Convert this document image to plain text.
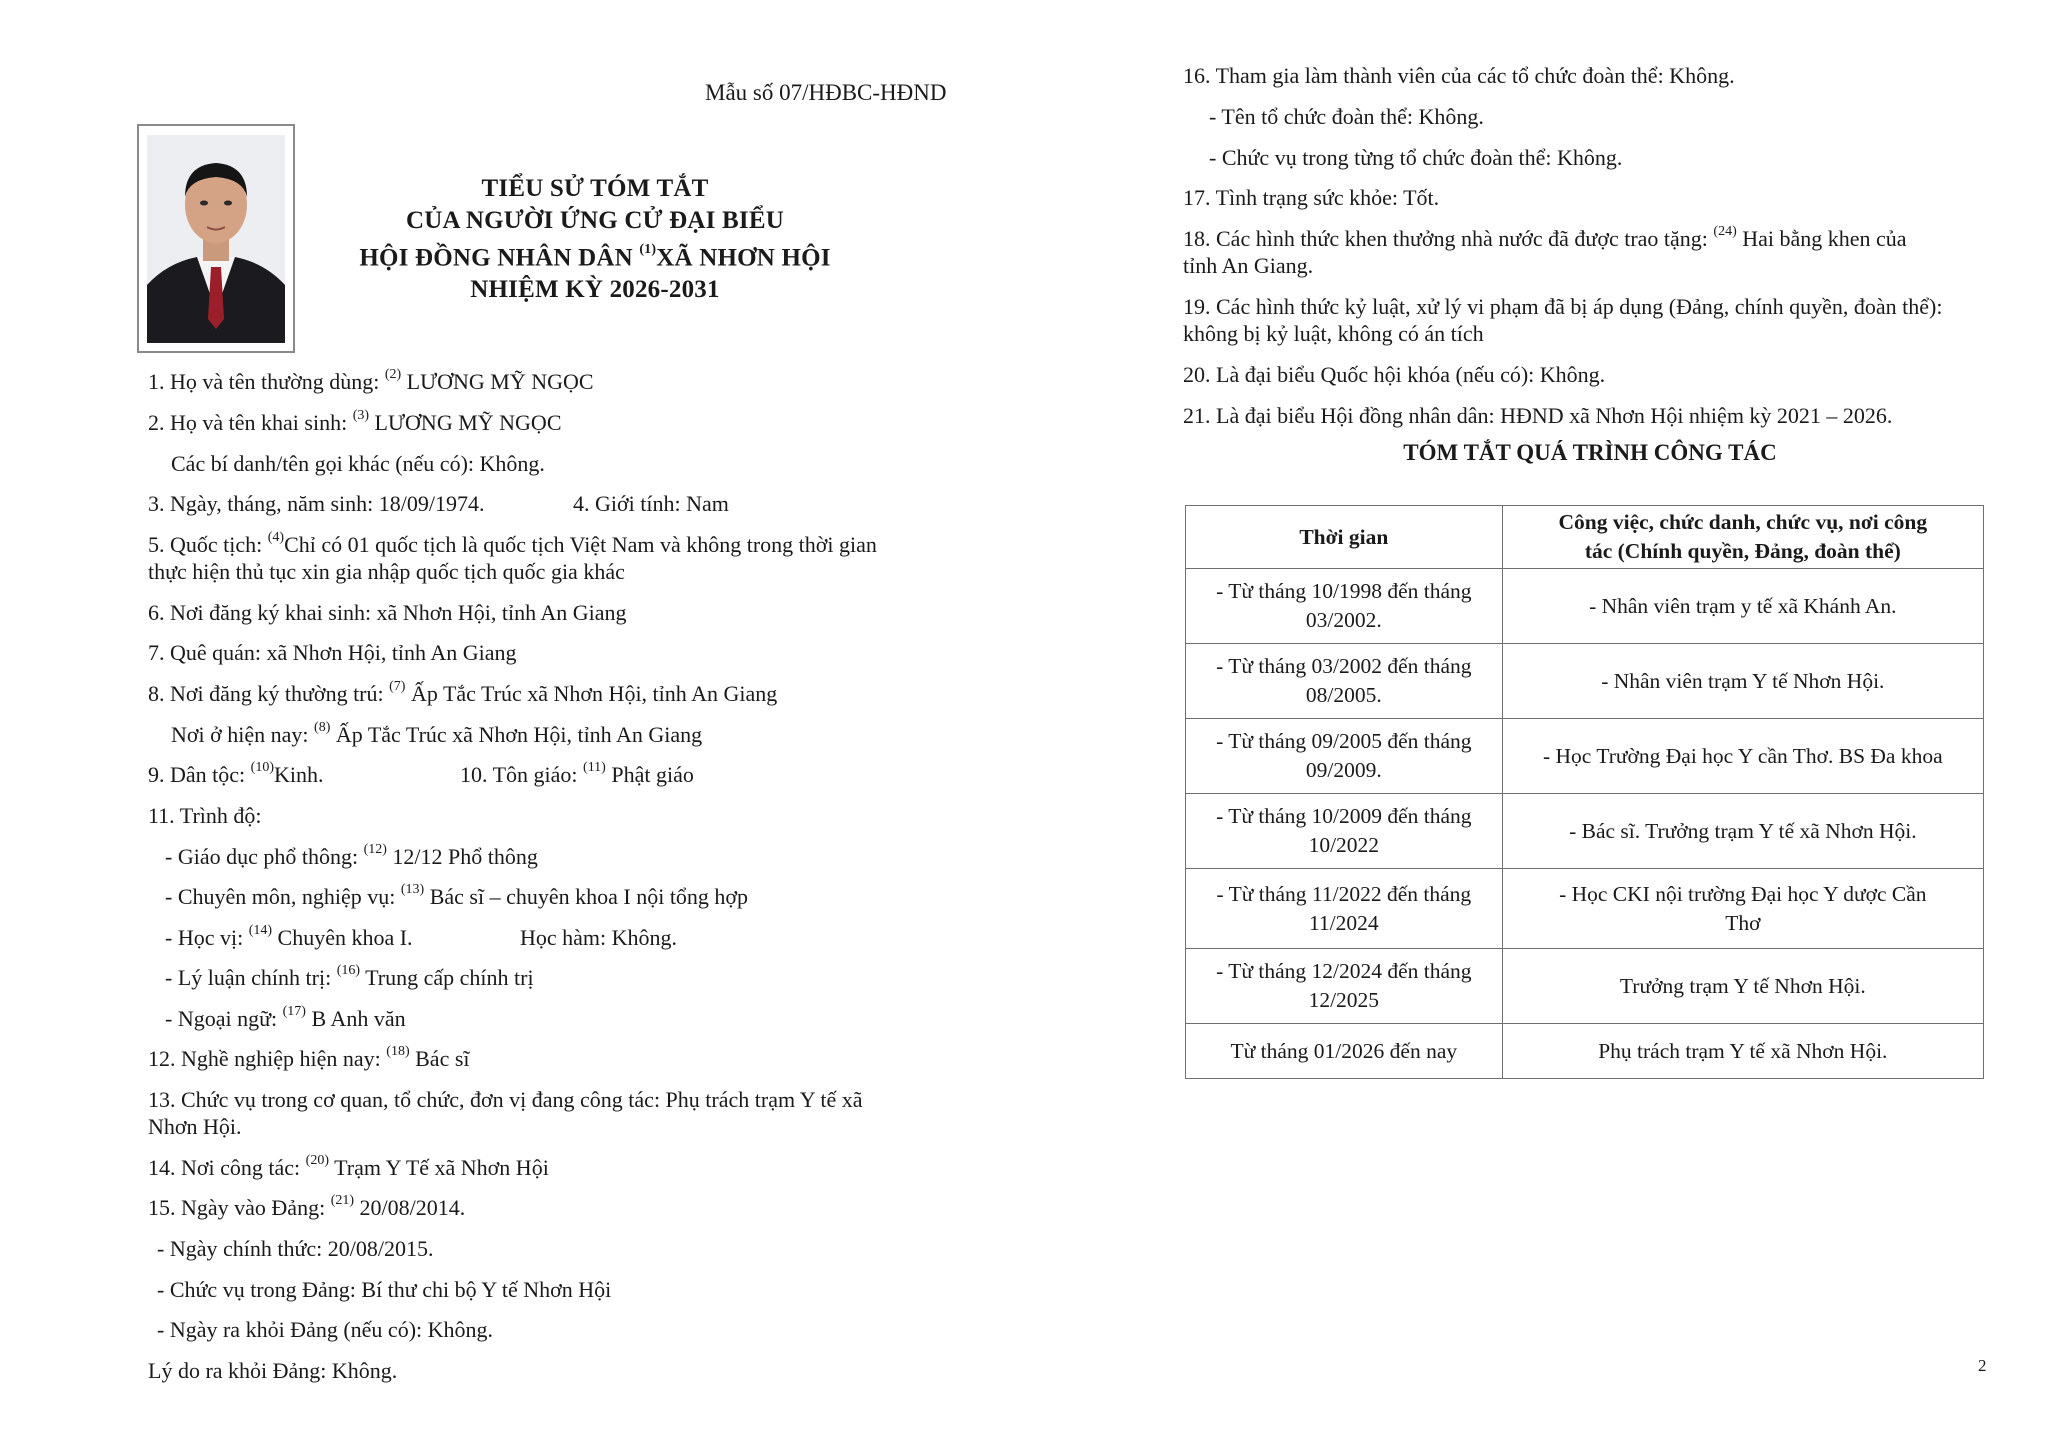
Mẫu số 07/HĐBC-HĐND
TIỂU SỬ TÓM TẮT
CỦA NGƯỜI ỨNG CỬ ĐẠI BIỂU
HỘI ĐỒNG NHÂN DÂN $^{(1)}$XÃ NHƠN HỘI
NHIỆM KỲ 2026-2031
1. Họ và tên thường dùng: $^{(2)}$ LƯƠNG MỸ NGỌC
2. Họ và tên khai sinh: $^{(3)}$ LƯƠNG MỸ NGỌC
Các bí danh/tên gọi khác (nếu có): Không.
3. Ngày, tháng, năm sinh: 18/09/1974.	4. Giới tính: Nam
5. Quốc tịch: $^{(4)}$Chỉ có 01 quốc tịch là quốc tịch Việt Nam và không trong thời gian
thực hiện thủ tục xin gia nhập quốc tịch quốc gia khác
6. Nơi đăng ký khai sinh: xã Nhơn Hội, tỉnh An Giang
7. Quê quán: xã Nhơn Hội, tỉnh An Giang
8. Nơi đăng ký thường trú: $^{(7)}$ Ấp Tắc Trúc xã Nhơn Hội, tỉnh An Giang
Nơi ở hiện nay: $^{(8)}$ Ấp Tắc Trúc xã Nhơn Hội, tỉnh An Giang
9. Dân tộc: $^{(10)}$Kinh.	10. Tôn giáo: $^{(11)}$ Phật giáo
11. Trình độ:
- Giáo dục phổ thông: $^{(12)}$ 12/12 Phổ thông
- Chuyên môn, nghiệp vụ: $^{(13)}$ Bác sĩ – chuyên khoa I nội tổng hợp
- Học vị: $^{(14)}$ Chuyên khoa I.	Học hàm: Không.
- Lý luận chính trị: $^{(16)}$ Trung cấp chính trị
- Ngoại ngữ: $^{(17)}$ B Anh văn
12. Nghề nghiệp hiện nay: $^{(18)}$ Bác sĩ
13. Chức vụ trong cơ quan, tổ chức, đơn vị đang công tác: Phụ trách trạm Y tế xã
Nhơn Hội.
14. Nơi công tác: $^{(20)}$ Trạm Y Tế xã Nhơn Hội
15. Ngày vào Đảng: $^{(21)}$ 20/08/2014.
- Ngày chính thức: 20/08/2015.
- Chức vụ trong Đảng: Bí thư chi bộ Y tế Nhơn Hội
- Ngày ra khỏi Đảng (nếu có): Không.
Lý do ra khỏi Đảng: Không.
16. Tham gia làm thành viên của các tổ chức đoàn thể: Không.
- Tên tổ chức đoàn thể: Không.
- Chức vụ trong từng tổ chức đoàn thể: Không.
17. Tình trạng sức khỏe: Tốt.
18. Các hình thức khen thưởng nhà nước đã được trao tặng: $^{(24)}$ Hai bằng khen của
tỉnh An Giang.
19. Các hình thức kỷ luật, xử lý vi phạm đã bị áp dụng (Đảng, chính quyền, đoàn thể):
không bị kỷ luật, không có án tích
20. Là đại biểu Quốc hội khóa (nếu có): Không.
21. Là đại biểu Hội đồng nhân dân: HĐND xã Nhơn Hội nhiệm kỳ 2021 – 2026.
TÓM TẮT QUÁ TRÌNH CÔNG TÁC
Thời gian	Công việc, chức danh, chức vụ, nơi công
tác (Chính quyền, Đảng, đoàn thể)
- Từ tháng 10/1998 đến tháng
03/2002.	- Nhân viên trạm y tế xã Khánh An.
- Từ tháng 03/2002 đến tháng
08/2005.	- Nhân viên trạm Y tế Nhơn Hội.
- Từ tháng 09/2005 đến tháng
09/2009.	- Học Trường Đại học Y cần Thơ. BS Đa khoa
- Từ tháng 10/2009 đến tháng
10/2022	- Bác sĩ. Trưởng trạm Y tế xã Nhơn Hội.
- Từ tháng 11/2022 đến tháng
11/2024	- Học CKI nội trường Đại học Y dược Cần
Thơ
- Từ tháng 12/2024 đến tháng
12/2025	Trưởng trạm Y tế Nhơn Hội.
Từ tháng 01/2026 đến nay	Phụ trách trạm Y tế xã Nhơn Hội.
2
